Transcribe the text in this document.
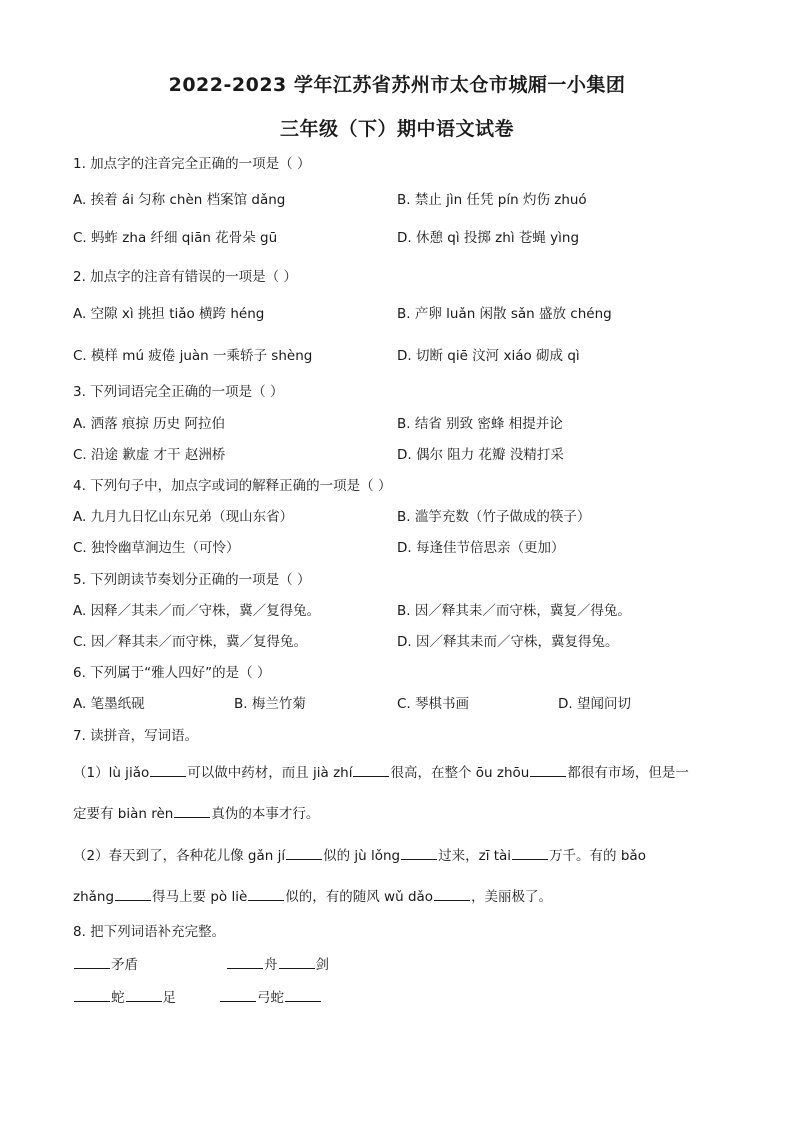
2022-2023 学年江苏省苏州市太仓市城厢一小集团
三年级（下）期中语文试卷
1. 加点字的注音完全正确的一项是（ ）
A. 挨着 ái 匀称 chèn 档案馆 dǎng	B. 禁止 jìn 任凭 pín 灼伤 zhuó
C. 蚂蚱 zha 纤细 qiān 花骨朵 gū	D. 休憩 qì 投掷 zhì 苍蝇 yìng
2. 加点字的注音有错误的一项是（ ）
A. 空隙 xì 挑担 tiǎo 横跨 héng	B. 产卵 luǎn 闲散 sǎn 盛放 chéng
C. 模样 mú 疲倦 juàn 一乘轿子 shèng	D. 切断 qiē 汶河 xiáo 砌成 qì
3. 下列词语完全正确的一项是（ ）
A. 洒落 痕掠 历史 阿拉伯	B. 结省 别致 密蜂 相提并论
C. 沿途 歉虚 才干 赵洲桥	D. 偶尔 阻力 花瓣 没精打采
4. 下列句子中，加点字或词的解释正确的一项是（ ）
A. 九月九日忆山东兄弟（现山东省）	B. 滥竽充数（竹子做成的筷子）
C. 独怜幽草涧边生（可怜）	D. 每逢佳节倍思亲（更加）
5. 下列朗读节奏划分正确的一项是（ ）
A. 因释／其耒／而／守株，冀／复得兔。	B. 因／释其耒／而守株，冀复／得兔。
C. 因／释其耒／而守株，冀／复得兔。	D. 因／释其耒而／守株，冀复得兔。
6. 下列属于“雅人四好”的是（ ）
A. 笔墨纸砚	B. 梅兰竹菊	C. 琴棋书画	D. 望闻问切
7. 读拼音，写词语。
（1）lù jiǎo	可以做中药材，而且 jià zhí	很高，在整个 ōu zhōu	都很有市场，但是一
定要有 biàn rèn	真伪的本事才行。
（2）春天到了，各种花儿像 gǎn jí	似的 jù lǒng	过来，zī tài	万千。有的 bǎo
zhǎng	得马上要 pò liè	似的，有的随风 wǔ dǎo	，美丽极了。
8. 把下列词语补充完整。
矛盾	舟	剑
蛇	足	弓蛇
